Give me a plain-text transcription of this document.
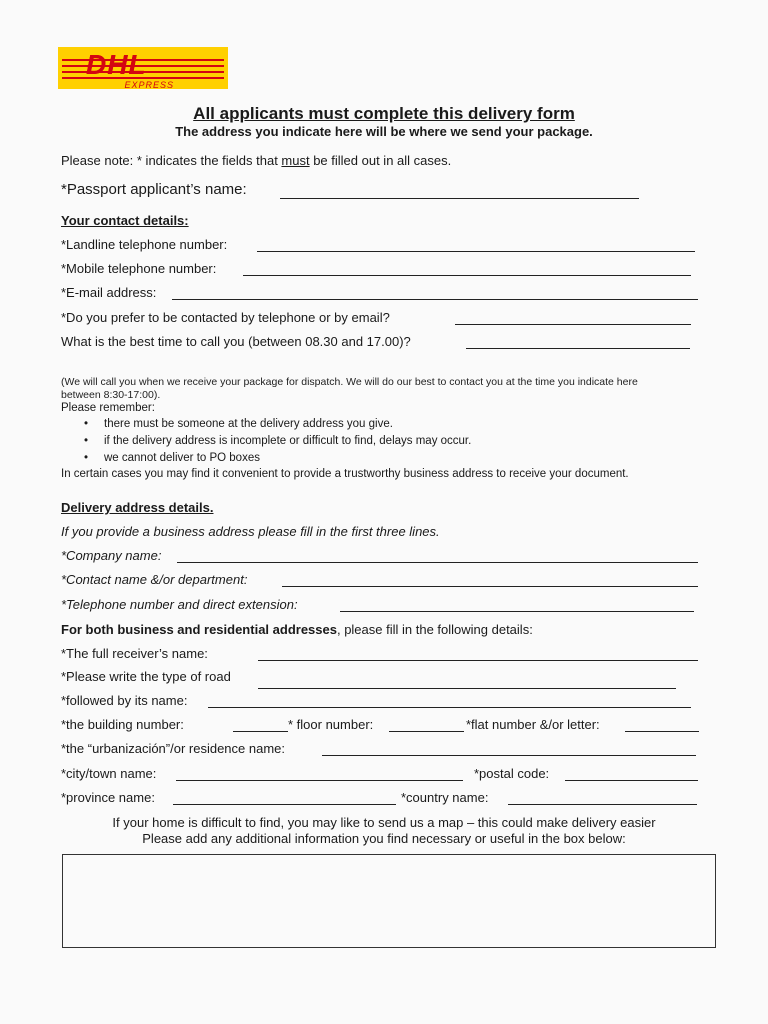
DHL
EXPRESS
All applicants must complete this delivery form
The address you indicate here will be where we send your package.
Please note: * indicates the fields that must be filled out in all cases.
*Passport applicant’s name:
Your contact details:
*Landline telephone number:
*Mobile telephone number:
*E-mail address:
*Do you prefer to be contacted by telephone or by email?
What is the best time to call you (between 08.30 and 17.00)?
(We will call you when we receive your package for dispatch. We will do our best to contact you at the time you indicate here
between 8:30-17:00).
Please remember:
• there must be someone at the delivery address you give.
• if the delivery address is incomplete or difficult to find, delays may occur.
• we cannot deliver to PO boxes
In certain cases you may find it convenient to provide a trustworthy business address to receive your document.
Delivery address details.
If you provide a business address please fill in the first three lines.
*Company name:
*Contact name &/or department:
*Telephone number and direct extension:
For both business and residential addresses, please fill in the following details:
*The full receiver’s name:
*Please write the type of road
*followed by its name:
*the building number:	* floor number:	*flat number &/or letter:
*the “urbanización”/or residence name:
*city/town name:	*postal code:
*province name:	*country name:
If your home is difficult to find, you may like to send us a map – this could make delivery easier
Please add any additional information you find necessary or useful in the box below:
